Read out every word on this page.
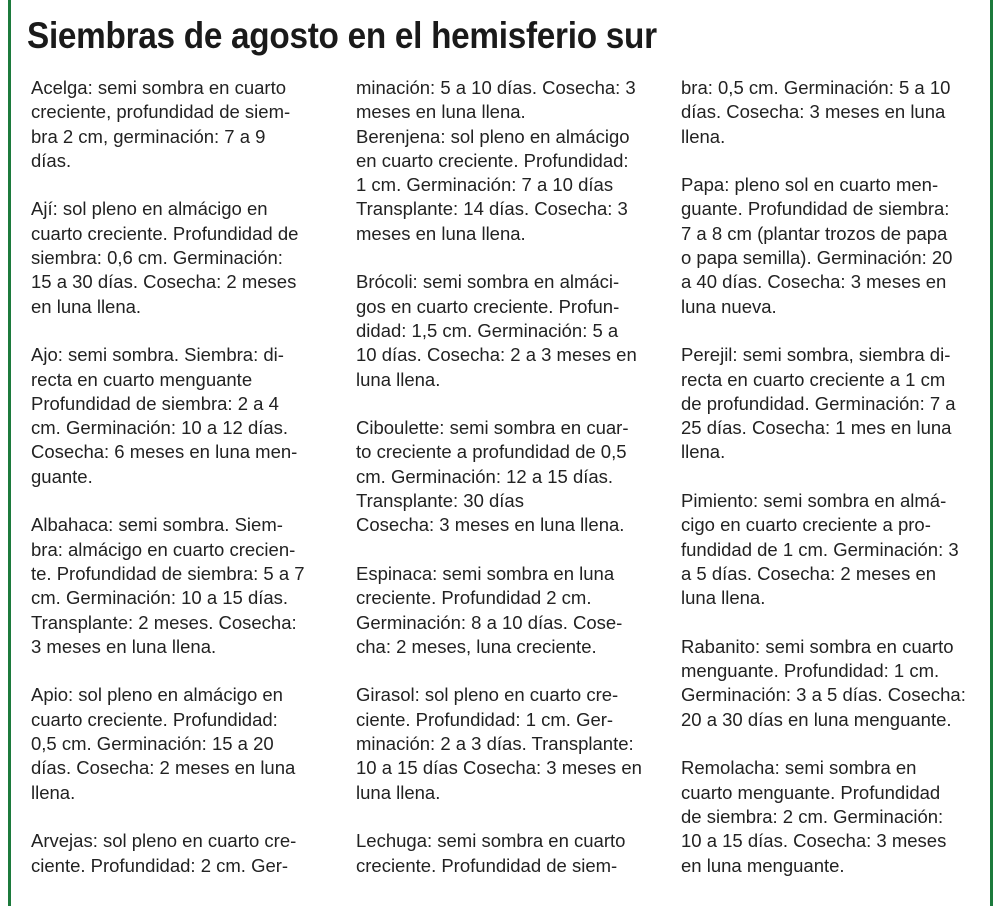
Siembras de agosto en el hemisferio sur

Acelga: semi sombra en cuarto
creciente, profundidad de siem-
bra 2 cm, germinación: 7 a 9
días.

Ají: sol pleno en almácigo en
cuarto creciente. Profundidad de
siembra: 0,6 cm. Germinación:
15 a 30 días. Cosecha: 2 meses
en luna llena.

Ajo: semi sombra. Siembra: di-
recta en cuarto menguante
Profundidad de siembra: 2 a 4
cm. Germinación: 10 a 12 días.
Cosecha: 6 meses en luna men-
guante.

Albahaca: semi sombra. Siem-
bra: almácigo en cuarto crecien-
te. Profundidad de siembra: 5 a 7
cm. Germinación: 10 a 15 días.
Transplante: 2 meses. Cosecha:
3 meses en luna llena.

Apio: sol pleno en almácigo en
cuarto creciente. Profundidad:
0,5 cm. Germinación: 15 a 20
días. Cosecha: 2 meses en luna
llena.

Arvejas: sol pleno en cuarto cre-
ciente. Profundidad: 2 cm. Ger-

minación: 5 a 10 días. Cosecha: 3
meses en luna llena.
Berenjena: sol pleno en almácigo
en cuarto creciente. Profundidad:
1 cm. Germinación: 7 a 10 días
Transplante: 14 días. Cosecha: 3
meses en luna llena.

Brócoli: semi sombra en almáci-
gos en cuarto creciente. Profun-
didad: 1,5 cm. Germinación: 5 a
10 días. Cosecha: 2 a 3 meses en
luna llena.

Ciboulette: semi sombra en cuar-
to creciente a profundidad de 0,5
cm. Germinación: 12 a 15 días.
Transplante: 30 días
Cosecha: 3 meses en luna llena.

Espinaca: semi sombra en luna
creciente. Profundidad 2 cm.
Germinación: 8 a 10 días. Cose-
cha: 2 meses, luna creciente.

Girasol: sol pleno en cuarto cre-
ciente. Profundidad: 1 cm. Ger-
minación: 2 a 3 días. Transplante:
10 a 15 días Cosecha: 3 meses en
luna llena.

Lechuga: semi sombra en cuarto
creciente. Profundidad de siem-

bra: 0,5 cm. Germinación: 5 a 10
días. Cosecha: 3 meses en luna
llena.

Papa: pleno sol en cuarto men-
guante. Profundidad de siembra:
7 a 8 cm (plantar trozos de papa
o papa semilla). Germinación: 20
a 40 días. Cosecha: 3 meses en
luna nueva.

Perejil: semi sombra, siembra di-
recta en cuarto creciente a 1 cm
de profundidad. Germinación: 7 a
25 días. Cosecha: 1 mes en luna
llena.

Pimiento: semi sombra en almá-
cigo en cuarto creciente a pro-
fundidad de 1 cm. Germinación: 3
a 5 días. Cosecha: 2 meses en
luna llena.

Rabanito: semi sombra en cuarto
menguante. Profundidad: 1 cm.
Germinación: 3 a 5 días. Cosecha:
20 a 30 días en luna menguante.

Remolacha: semi sombra en
cuarto menguante. Profundidad
de siembra: 2 cm. Germinación:
10 a 15 días. Cosecha: 3 meses
en luna menguante.
